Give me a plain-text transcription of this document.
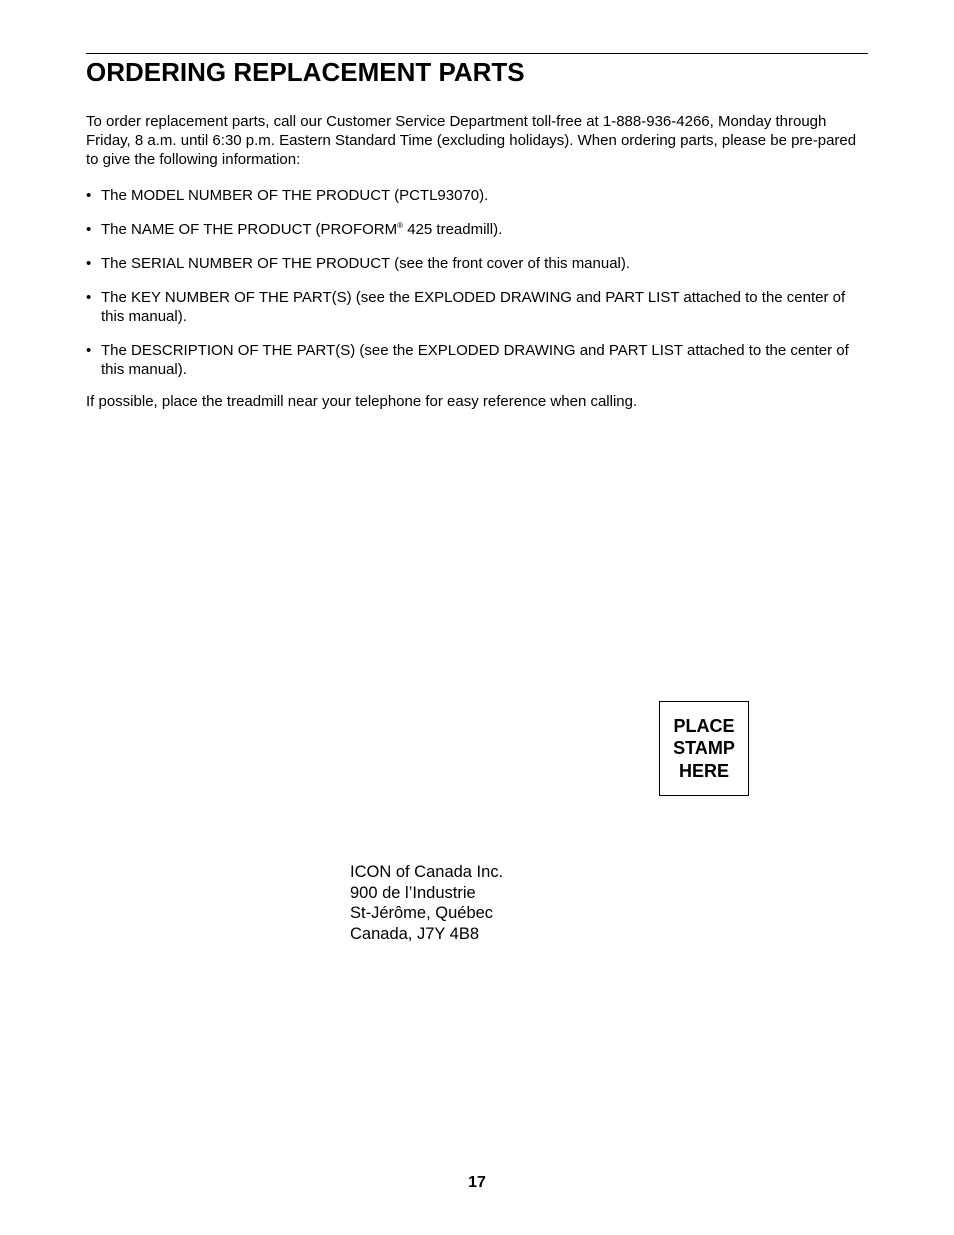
ORDERING REPLACEMENT PARTS

To order replacement parts, call our Customer Service Department toll-free at 1-888-936-4266, Monday through Friday, 8 a.m. until 6:30 p.m. Eastern Standard Time (excluding holidays). When ordering parts, please be pre-pared to give the following information:

• The MODEL NUMBER OF THE PRODUCT (PCTL93070).
• The NAME OF THE PRODUCT (PROFORM® 425 treadmill).
• The SERIAL NUMBER OF THE PRODUCT (see the front cover of this manual).
• The KEY NUMBER OF THE PART(S) (see the EXPLODED DRAWING and PART LIST attached to the center of this manual).
• The DESCRIPTION OF THE PART(S) (see the EXPLODED DRAWING and PART LIST attached to the center of this manual).

If possible, place the treadmill near your telephone for easy reference when calling.

PLACE
STAMP
HERE
ICON of Canada Inc.
900 de l’Industrie
St-Jérôme, Québec
Canada, J7Y 4B8
17
